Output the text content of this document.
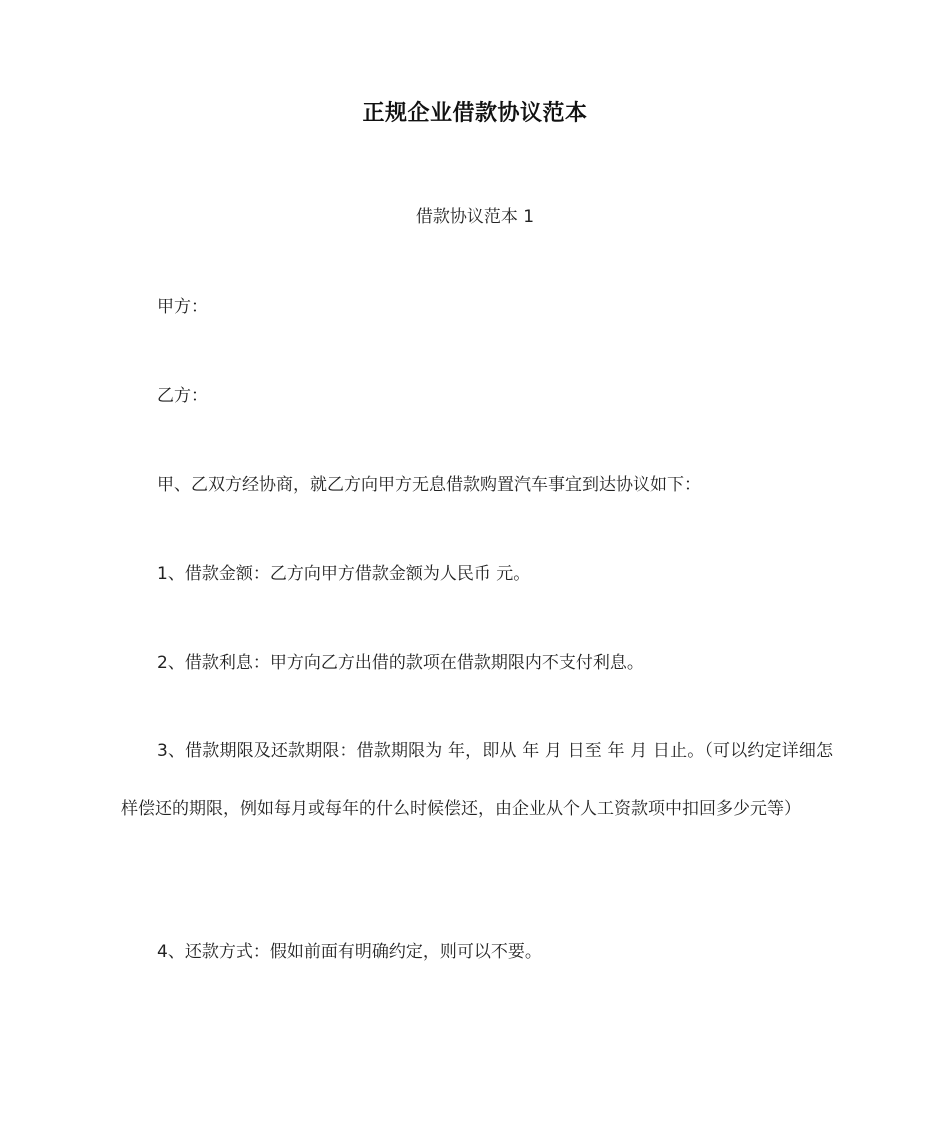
正规企业借款协议范本
借款协议范本 1
甲方：
乙方：
甲、乙双方经协商，就乙方向甲方无息借款购置汽车事宜到达协议如下：
1、借款金额：乙方向甲方借款金额为人民币 元。
2、借款利息：甲方向乙方出借的款项在借款期限内不支付利息。
3、借款期限及还款期限：借款期限为 年，即从 年 月 日至 年 月 日止。（可以约定详细怎样偿还的期限，例如每月或每年的什么时候偿还，由企业从个人工资款项中扣回多少元等）
4、还款方式：假如前面有明确约定，则可以不要。
